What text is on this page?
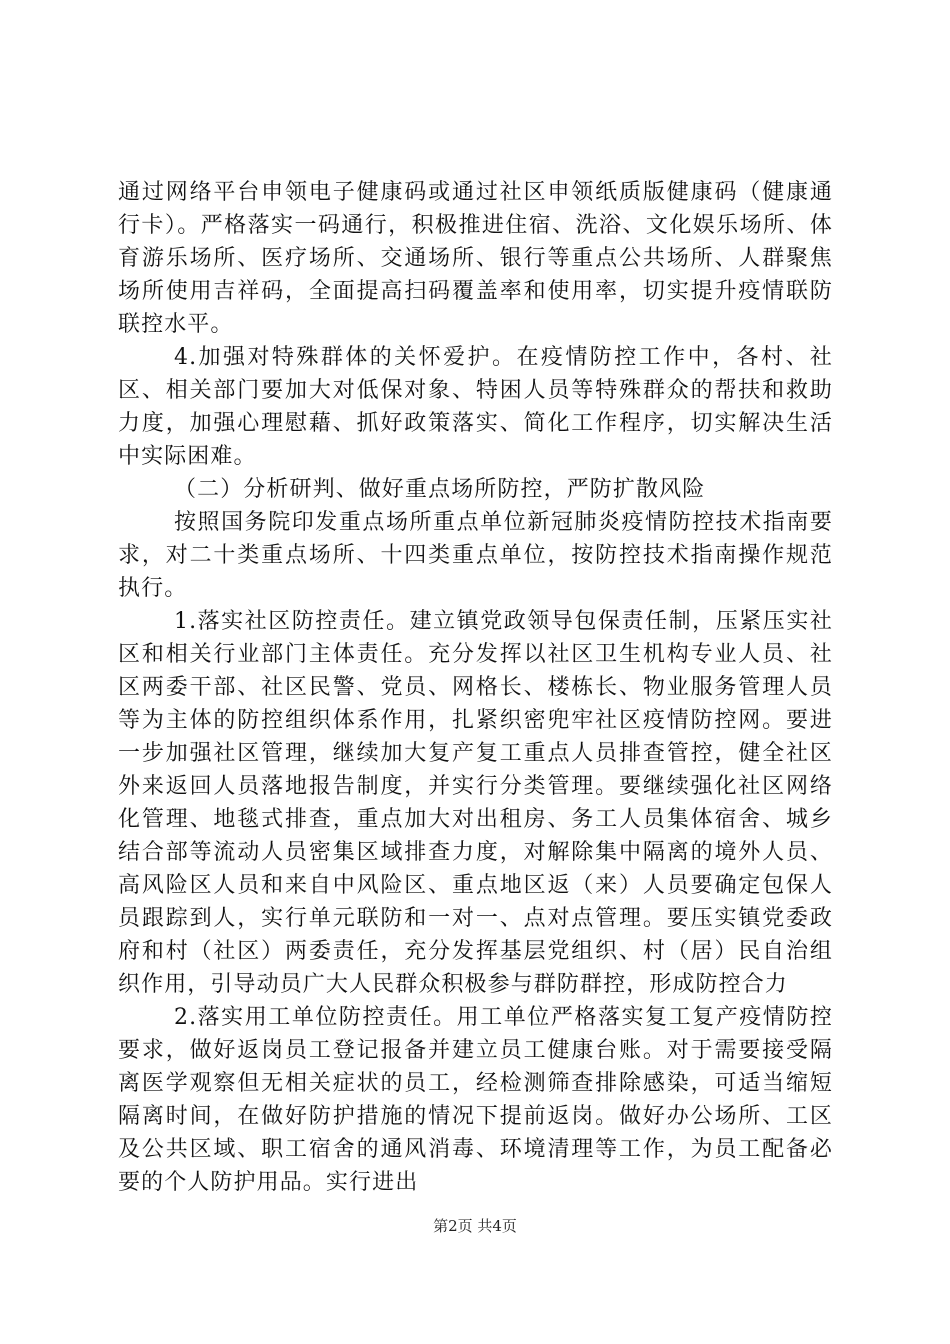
通过网络平台申领电子健康码或通过社区申领纸质版健康码（健康通行卡）。严格落实一码通行，积极推进住宿、洗浴、文化娱乐场所、体育游乐场所、医疗场所、交通场所、银行等重点公共场所、人群聚焦场所使用吉祥码，全面提高扫码覆盖率和使用率，切实提升疫情联防联控水平。

4.加强对特殊群体的关怀爱护。在疫情防控工作中，各村、社区、相关部门要加大对低保对象、特困人员等特殊群众的帮扶和救助力度，加强心理慰藉、抓好政策落实、简化工作程序，切实解决生活中实际困难。

（二）分析研判、做好重点场所防控，严防扩散风险

按照国务院印发重点场所重点单位新冠肺炎疫情防控技术指南要求，对二十类重点场所、十四类重点单位，按防控技术指南操作规范执行。

1.落实社区防控责任。建立镇党政领导包保责任制，压紧压实社区和相关行业部门主体责任。充分发挥以社区卫生机构专业人员、社区两委干部、社区民警、党员、网格长、楼栋长、物业服务管理人员等为主体的防控组织体系作用，扎紧织密兜牢社区疫情防控网。要进一步加强社区管理，继续加大复产复工重点人员排查管控，健全社区外来返回人员落地报告制度，并实行分类管理。要继续强化社区网络化管理、地毯式排查，重点加大对出租房、务工人员集体宿舍、城乡结合部等流动人员密集区域排查力度，对解除集中隔离的境外人员、高风险区人员和来自中风险区、重点地区返（来）人员要确定包保人员跟踪到人，实行单元联防和一对一、点对点管理。要压实镇党委政府和村（社区）两委责任，充分发挥基层党组织、村（居）民自治组织作用，引导动员广大人民群众积极参与群防群控，形成防控合力

2.落实用工单位防控责任。用工单位严格落实复工复产疫情防控要求，做好返岗员工登记报备并建立员工健康台账。对于需要接受隔离医学观察但无相关症状的员工，经检测筛查排除感染，可适当缩短隔离时间，在做好防护措施的情况下提前返岗。做好办公场所、工区及公共区域、职工宿舍的通风消毒、环境清理等工作，为员工配备必要的个人防护用品。实行进出

第2页 共4页
